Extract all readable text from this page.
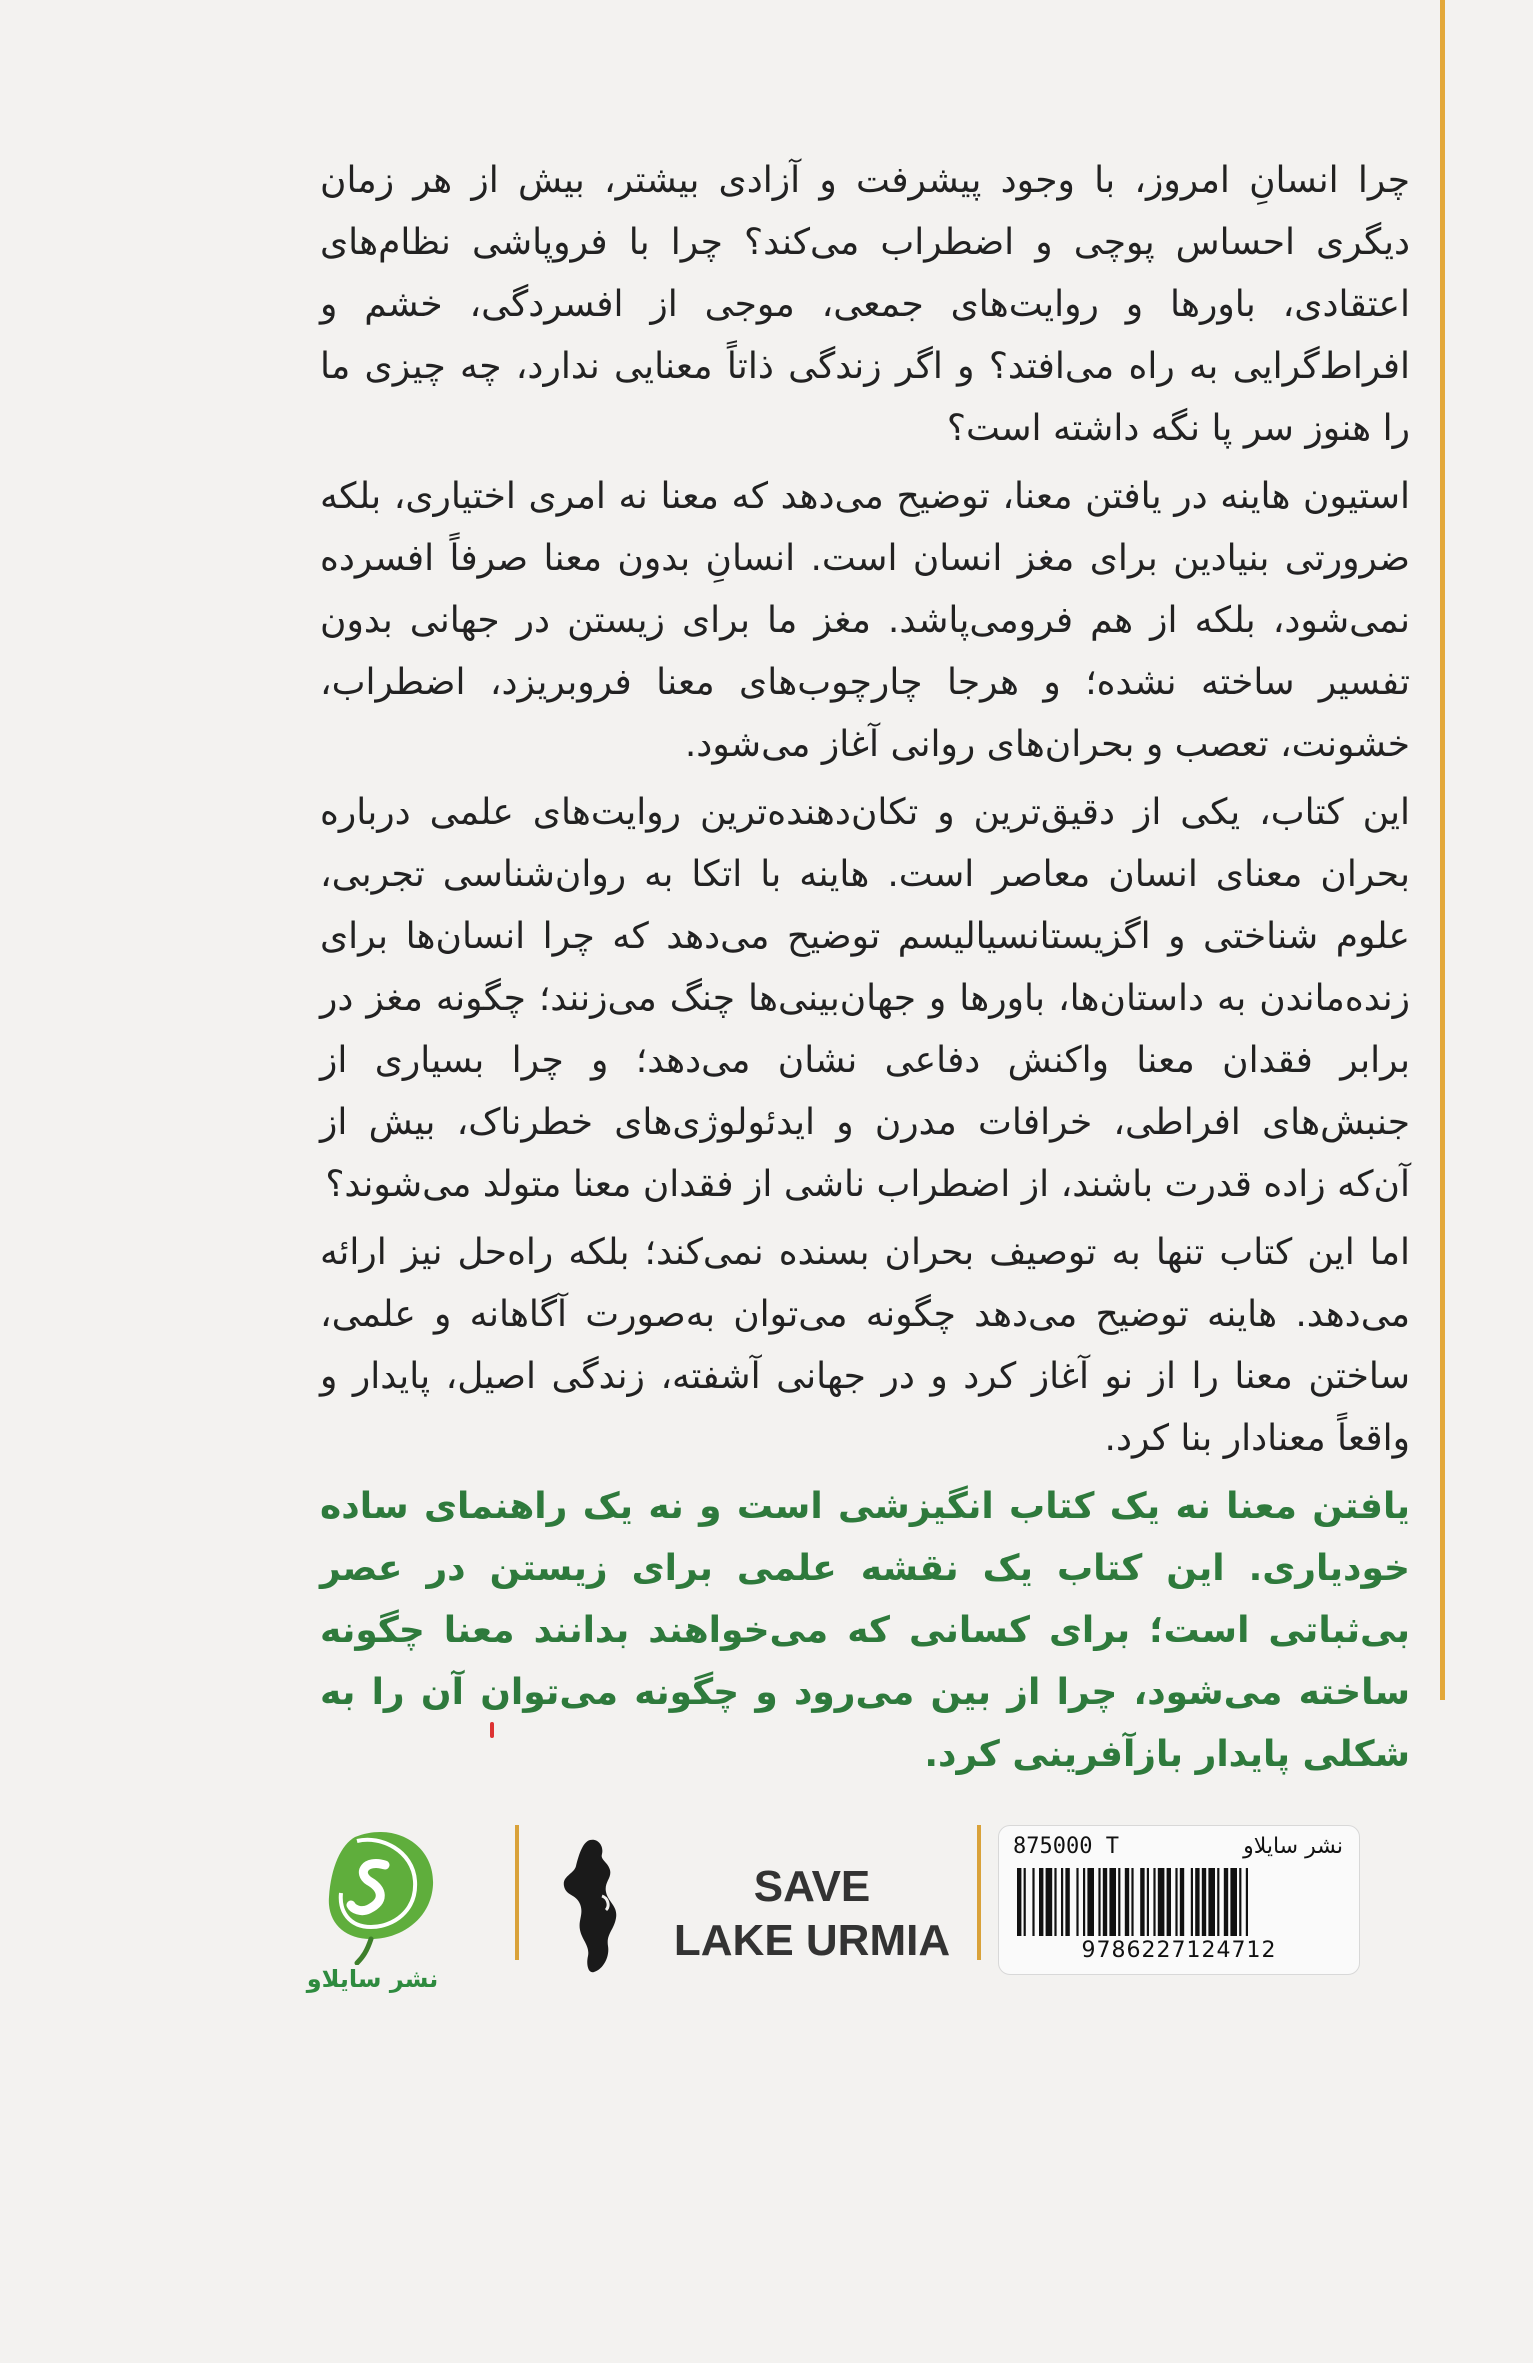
چرا انسانِ امروز، با وجود پیشرفت و آزادی بیشتر، بیش از هر زمان دیگری احساس پوچی و اضطراب می‌کند؟ چرا با فروپاشی نظام‌های اعتقادی، باورها و روایت‌های جمعی، موجی از افسردگی، خشم و افراط‌گرایی به راه می‌افتد؟ و اگر زندگی ذاتاً معنایی ندارد، چه چیزی ما را هنوز سر پا نگه داشته است؟

استیون هاینه در یافتن معنا، توضیح می‌دهد که معنا نه امری اختیاری، بلکه ضرورتی بنیادین برای مغز انسان است. انسانِ بدون معنا صرفاً افسرده نمی‌شود، بلکه از هم فرومی‌پاشد. مغز ما برای زیستن در جهانی بدون تفسیر ساخته نشده؛ و هرجا چارچوب‌های معنا فروبریزد، اضطراب، خشونت، تعصب و بحران‌های روانی آغاز می‌شود.

این کتاب، یکی از دقیق‌ترین و تکان‌دهنده‌ترین روایت‌های علمی درباره بحران معنای انسان معاصر است. هاینه با اتکا به روان‌شناسی تجربی، علوم شناختی و اگزیستانسیالیسم توضیح می‌دهد که چرا انسان‌ها برای زنده‌ماندن به داستان‌ها، باورها و جهان‌بینی‌ها چنگ می‌زنند؛ چگونه مغز در برابر فقدان معنا واکنش دفاعی نشان می‌دهد؛ و چرا بسیاری از جنبش‌های افراطی، خرافات مدرن و ایدئولوژی‌های خطرناک، بیش از آن‌که زاده قدرت باشند، از اضطراب ناشی از فقدان معنا متولد می‌شوند؟

اما این کتاب تنها به توصیف بحران بسنده نمی‌کند؛ بلکه راه‌حل نیز ارائه می‌دهد. هاینه توضیح می‌دهد چگونه می‌توان به‌صورت آگاهانه و علمی، ساختن معنا را از نو آغاز کرد و در جهانی آشفته، زندگی اصیل، پایدار و واقعاً معنادار بنا کرد.

یافتن معنا نه یک کتاب انگیزشی است و نه یک راهنمای ساده خودیاری. این کتاب یک نقشه علمی برای زیستن در عصر بی‌ثباتی است؛ برای کسانی که می‌خواهند بدانند معنا چگونه ساخته می‌شود، چرا از بین می‌رود و چگونه می‌توان آن را به شکلی پایدار بازآفرینی کرد.

نشر سایلاو
SAVE
LAKE URMIA
875000 T	نشر سایلاو
9786227124712
